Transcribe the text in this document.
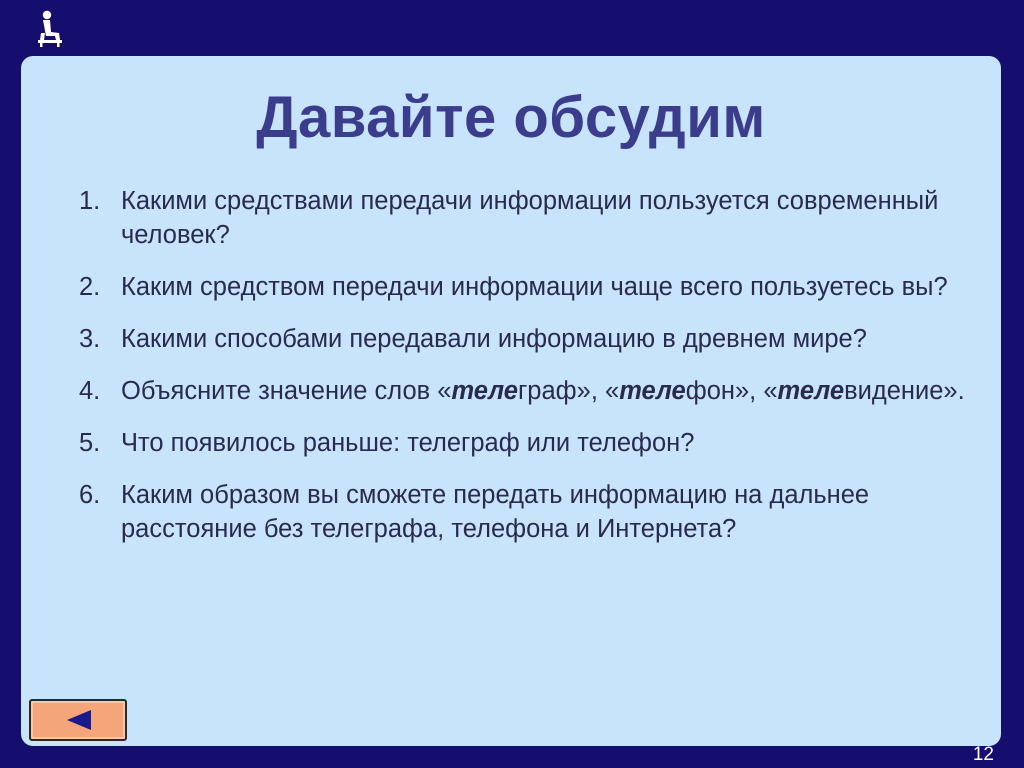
Давайте обсудим
1. Какими средствами передачи информации пользуется современный человек?
2. Каким средством передачи информации чаще всего пользуетесь вы?
3. Какими способами передавали информацию в древнем мире?
4. Объясните значение слов «телеграф», «телефон», «телевидение».
5. Что появилось раньше: телеграф или телефон?
6. Каким образом вы сможете передать информацию на дальнее расстояние без телеграфа, телефона и Интернета?
12
